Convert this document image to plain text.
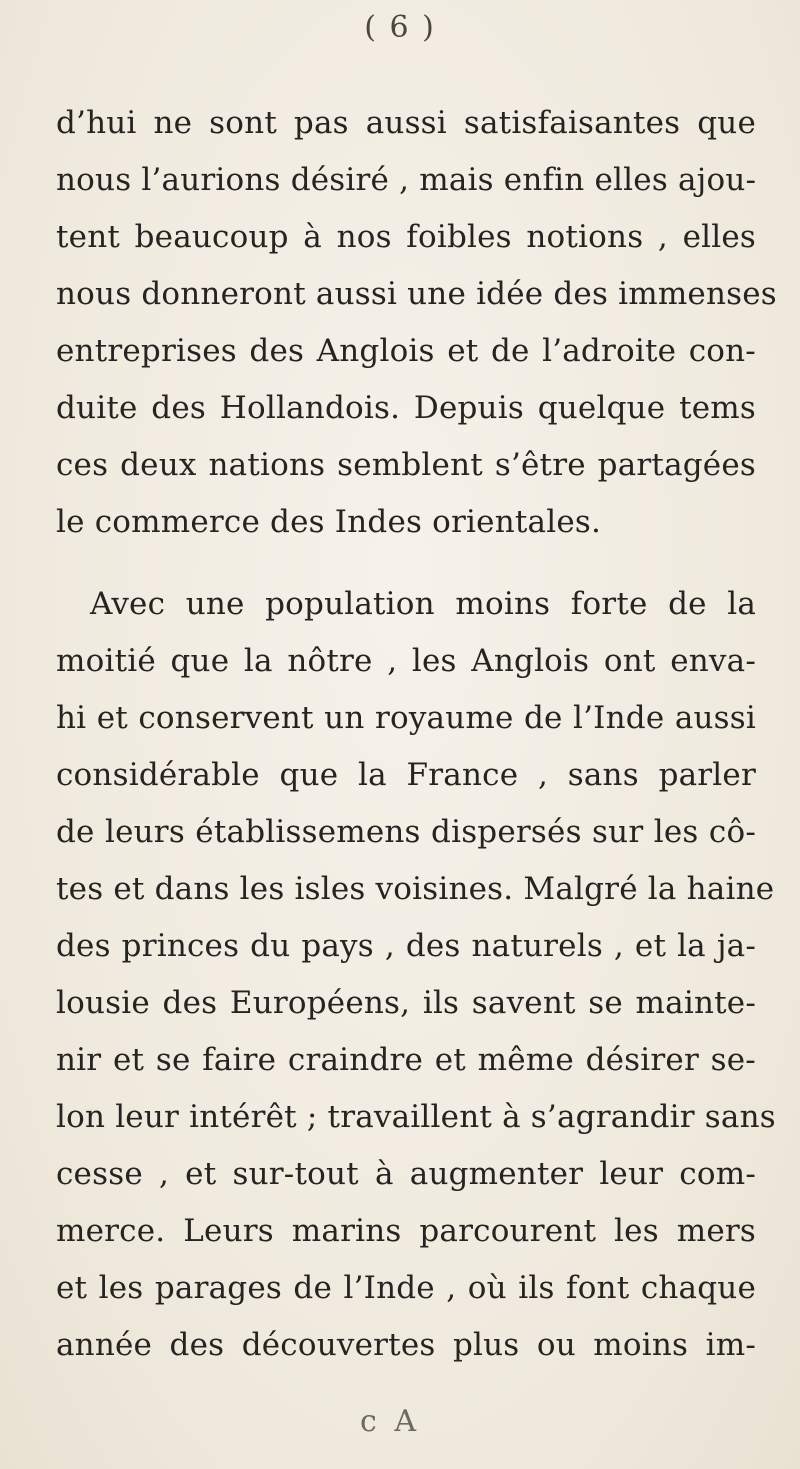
( 6 )
d’hui ne sont pas aussi satisfaisantes que
nous l’aurions désiré , mais enfin elles ajou-
tent beaucoup à nos foibles notions , elles
nous donneront aussi une idée des immenses
entreprises des Anglois et de l’adroite con-
duite des Hollandois. Depuis quelque tems
ces deux nations semblent s’être partagées
le commerce des Indes orientales.
Avec une population moins forte de la
moitié que la nôtre , les Anglois ont enva-
hi et conservent un royaume de l’Inde aussi
considérable que la France , sans parler
de leurs établissemens dispersés sur les cô-
tes et dans les isles voisines. Malgré la haine
des princes du pays , des naturels , et la ja-
lousie des Européens, ils savent se mainte-
nir et se faire craindre et même désirer se-
lon leur intérêt ; travaillent à s’agrandir sans
cesse , et sur-tout à augmenter leur com-
merce. Leurs marins parcourent les mers
et les parages de l’Inde , où ils font chaque
année des découvertes plus ou moins im-
c A
